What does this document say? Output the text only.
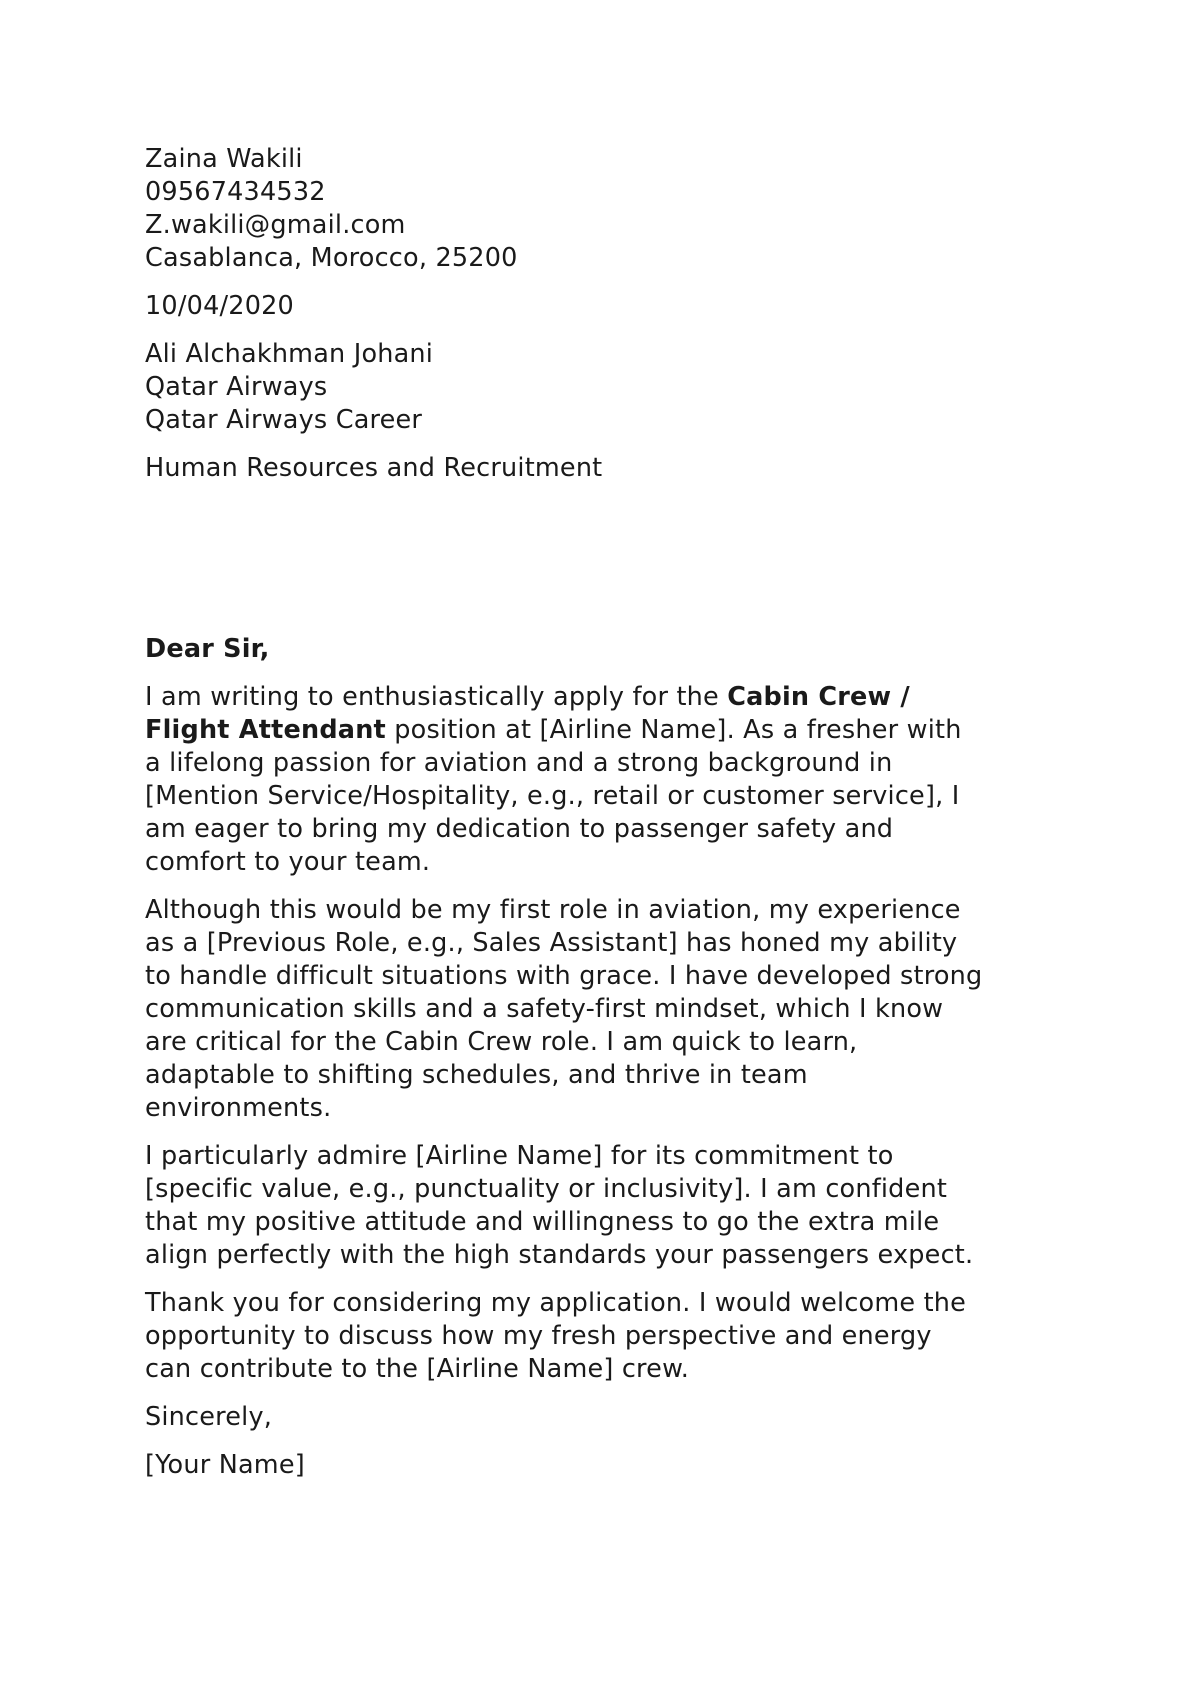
Zaina Wakili
09567434532
Z.wakili@gmail.com
Casablanca, Morocco, 25200
10/04/2020
Ali Alchakhman Johani
Qatar Airways
Qatar Airways Career
Human Resources and Recruitment
Dear Sir,
I am writing to enthusiastically apply for the Cabin Crew /
Flight Attendant position at [Airline Name]. As a fresher with
a lifelong passion for aviation and a strong background in
[Mention Service/Hospitality, e.g., retail or customer service], I
am eager to bring my dedication to passenger safety and
comfort to your team.
Although this would be my first role in aviation, my experience
as a [Previous Role, e.g., Sales Assistant] has honed my ability
to handle difficult situations with grace. I have developed strong
communication skills and a safety-first mindset, which I know
are critical for the Cabin Crew role. I am quick to learn,
adaptable to shifting schedules, and thrive in team
environments.
I particularly admire [Airline Name] for its commitment to
[specific value, e.g., punctuality or inclusivity]. I am confident
that my positive attitude and willingness to go the extra mile
align perfectly with the high standards your passengers expect.
Thank you for considering my application. I would welcome the
opportunity to discuss how my fresh perspective and energy
can contribute to the [Airline Name] crew.
Sincerely,
[Your Name]
